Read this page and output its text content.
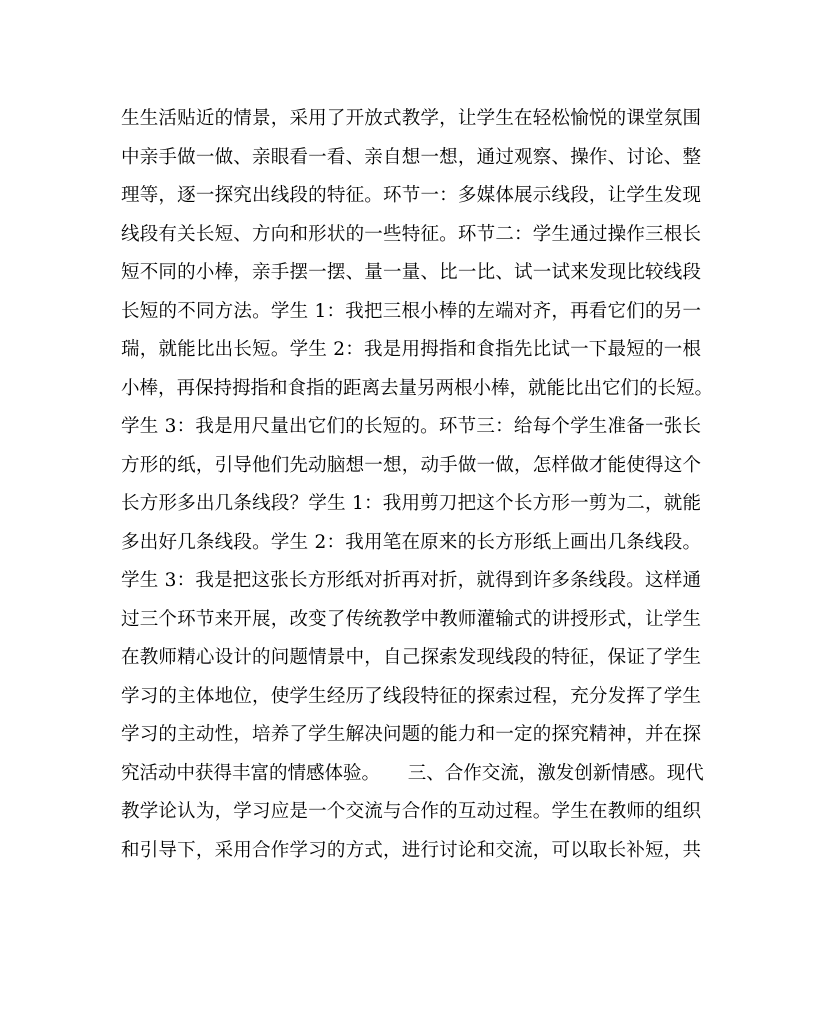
生生活贴近的情景，采用了开放式教学，让学生在轻松愉悦的课堂氛围
中亲手做一做、亲眼看一看、亲自想一想，通过观察、操作、讨论、整
理等，逐一探究出线段的特征。环节一：多媒体展示线段，让学生发现
线段有关长短、方向和形状的一些特征。环节二：学生通过操作三根长
短不同的小棒，亲手摆一摆、量一量、比一比、试一试来发现比较线段
长短的不同方法。学生 1：我把三根小棒的左端对齐，再看它们的另一
瑞，就能比出长短。学生 2：我是用拇指和食指先比试一下最短的一根
小棒，再保持拇指和食指的距离去量另两根小棒，就能比出它们的长短。
学生 3：我是用尺量出它们的长短的。环节三：给每个学生准备一张长
方形的纸，引导他们先动脑想一想，动手做一做，怎样做才能使得这个
长方形多出几条线段？学生 1：我用剪刀把这个长方形一剪为二，就能
多出好几条线段。学生 2：我用笔在原来的长方形纸上画出几条线段。
学生 3：我是把这张长方形纸对折再对折，就得到许多条线段。这样通
过三个环节来开展，改变了传统教学中教师灌输式的讲授形式，让学生
在教师精心设计的问题情景中，自己探索发现线段的特征，保证了学生
学习的主体地位，使学生经历了线段特征的探索过程，充分发挥了学生
学习的主动性，培养了学生解决问题的能力和一定的探究精神，并在探
究活动中获得丰富的情感体验。　　三、合作交流，激发创新情感。现代
教学论认为，学习应是一个交流与合作的互动过程。学生在教师的组织
和引导下，采用合作学习的方式，进行讨论和交流，可以取长补短，共
